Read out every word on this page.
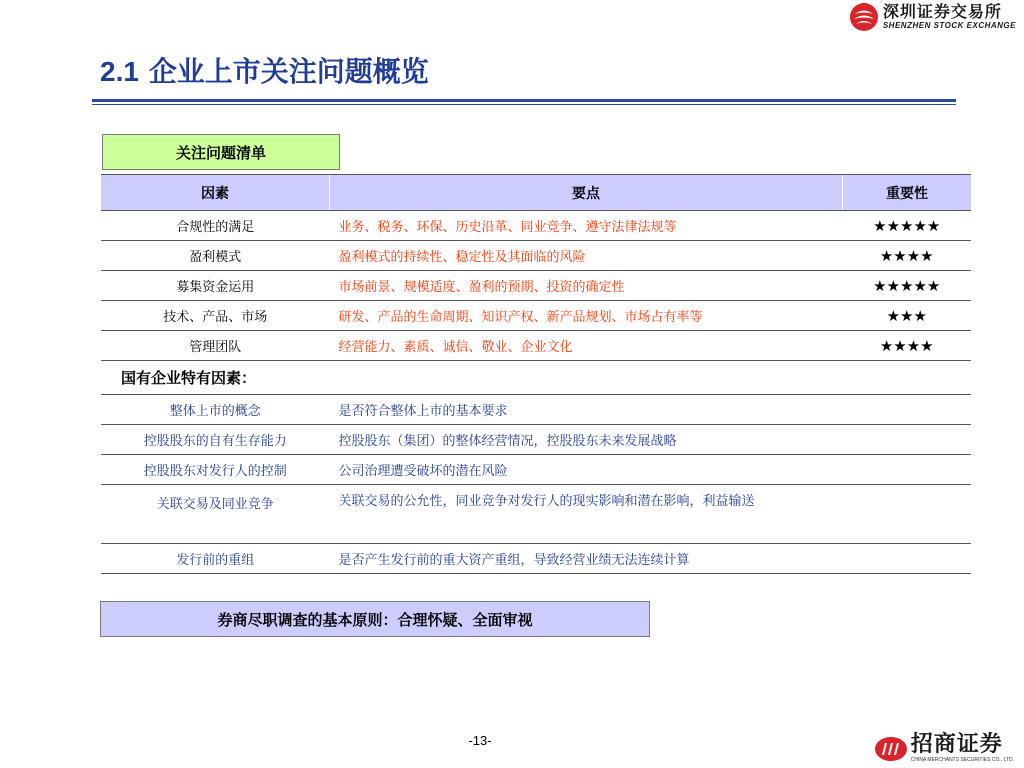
深圳证券交易所
SHENZHEN STOCK EXCHANGE
2.1 企业上市关注问题概览
关注问题清单
因素	要点	重要性
合规性的满足	业务、税务、环保、历史沿革、同业竞争、遵守法律法规等	★★★★★
盈利模式	盈利模式的持续性、稳定性及其面临的风险	★★★★
募集资金运用	市场前景、规模适度、盈利的预期、投资的确定性	★★★★★
技术、产品、市场	研发、产品的生命周期、知识产权、新产品规划、市场占有率等	★★★
管理团队	经营能力、素质、诚信、敬业、企业文化	★★★★
国有企业特有因素：		
整体上市的概念	是否符合整体上市的基本要求	
控股股东的自有生存能力	控股股东（集团）的整体经营情况，控股股东未来发展战略	
控股股东对发行人的控制	公司治理遭受破坏的潜在风险	
关联交易及同业竞争	关联交易的公允性，同业竞争对发行人的现实影响和潜在影响，利益输送	
发行前的重组	是否产生发行前的重大资产重组，导致经营业绩无法连续计算	
券商尽职调查的基本原则：合理怀疑、全面审视
-13-	招商证券
CHINA MERCHANTS SECURITIES CO., LTD.
